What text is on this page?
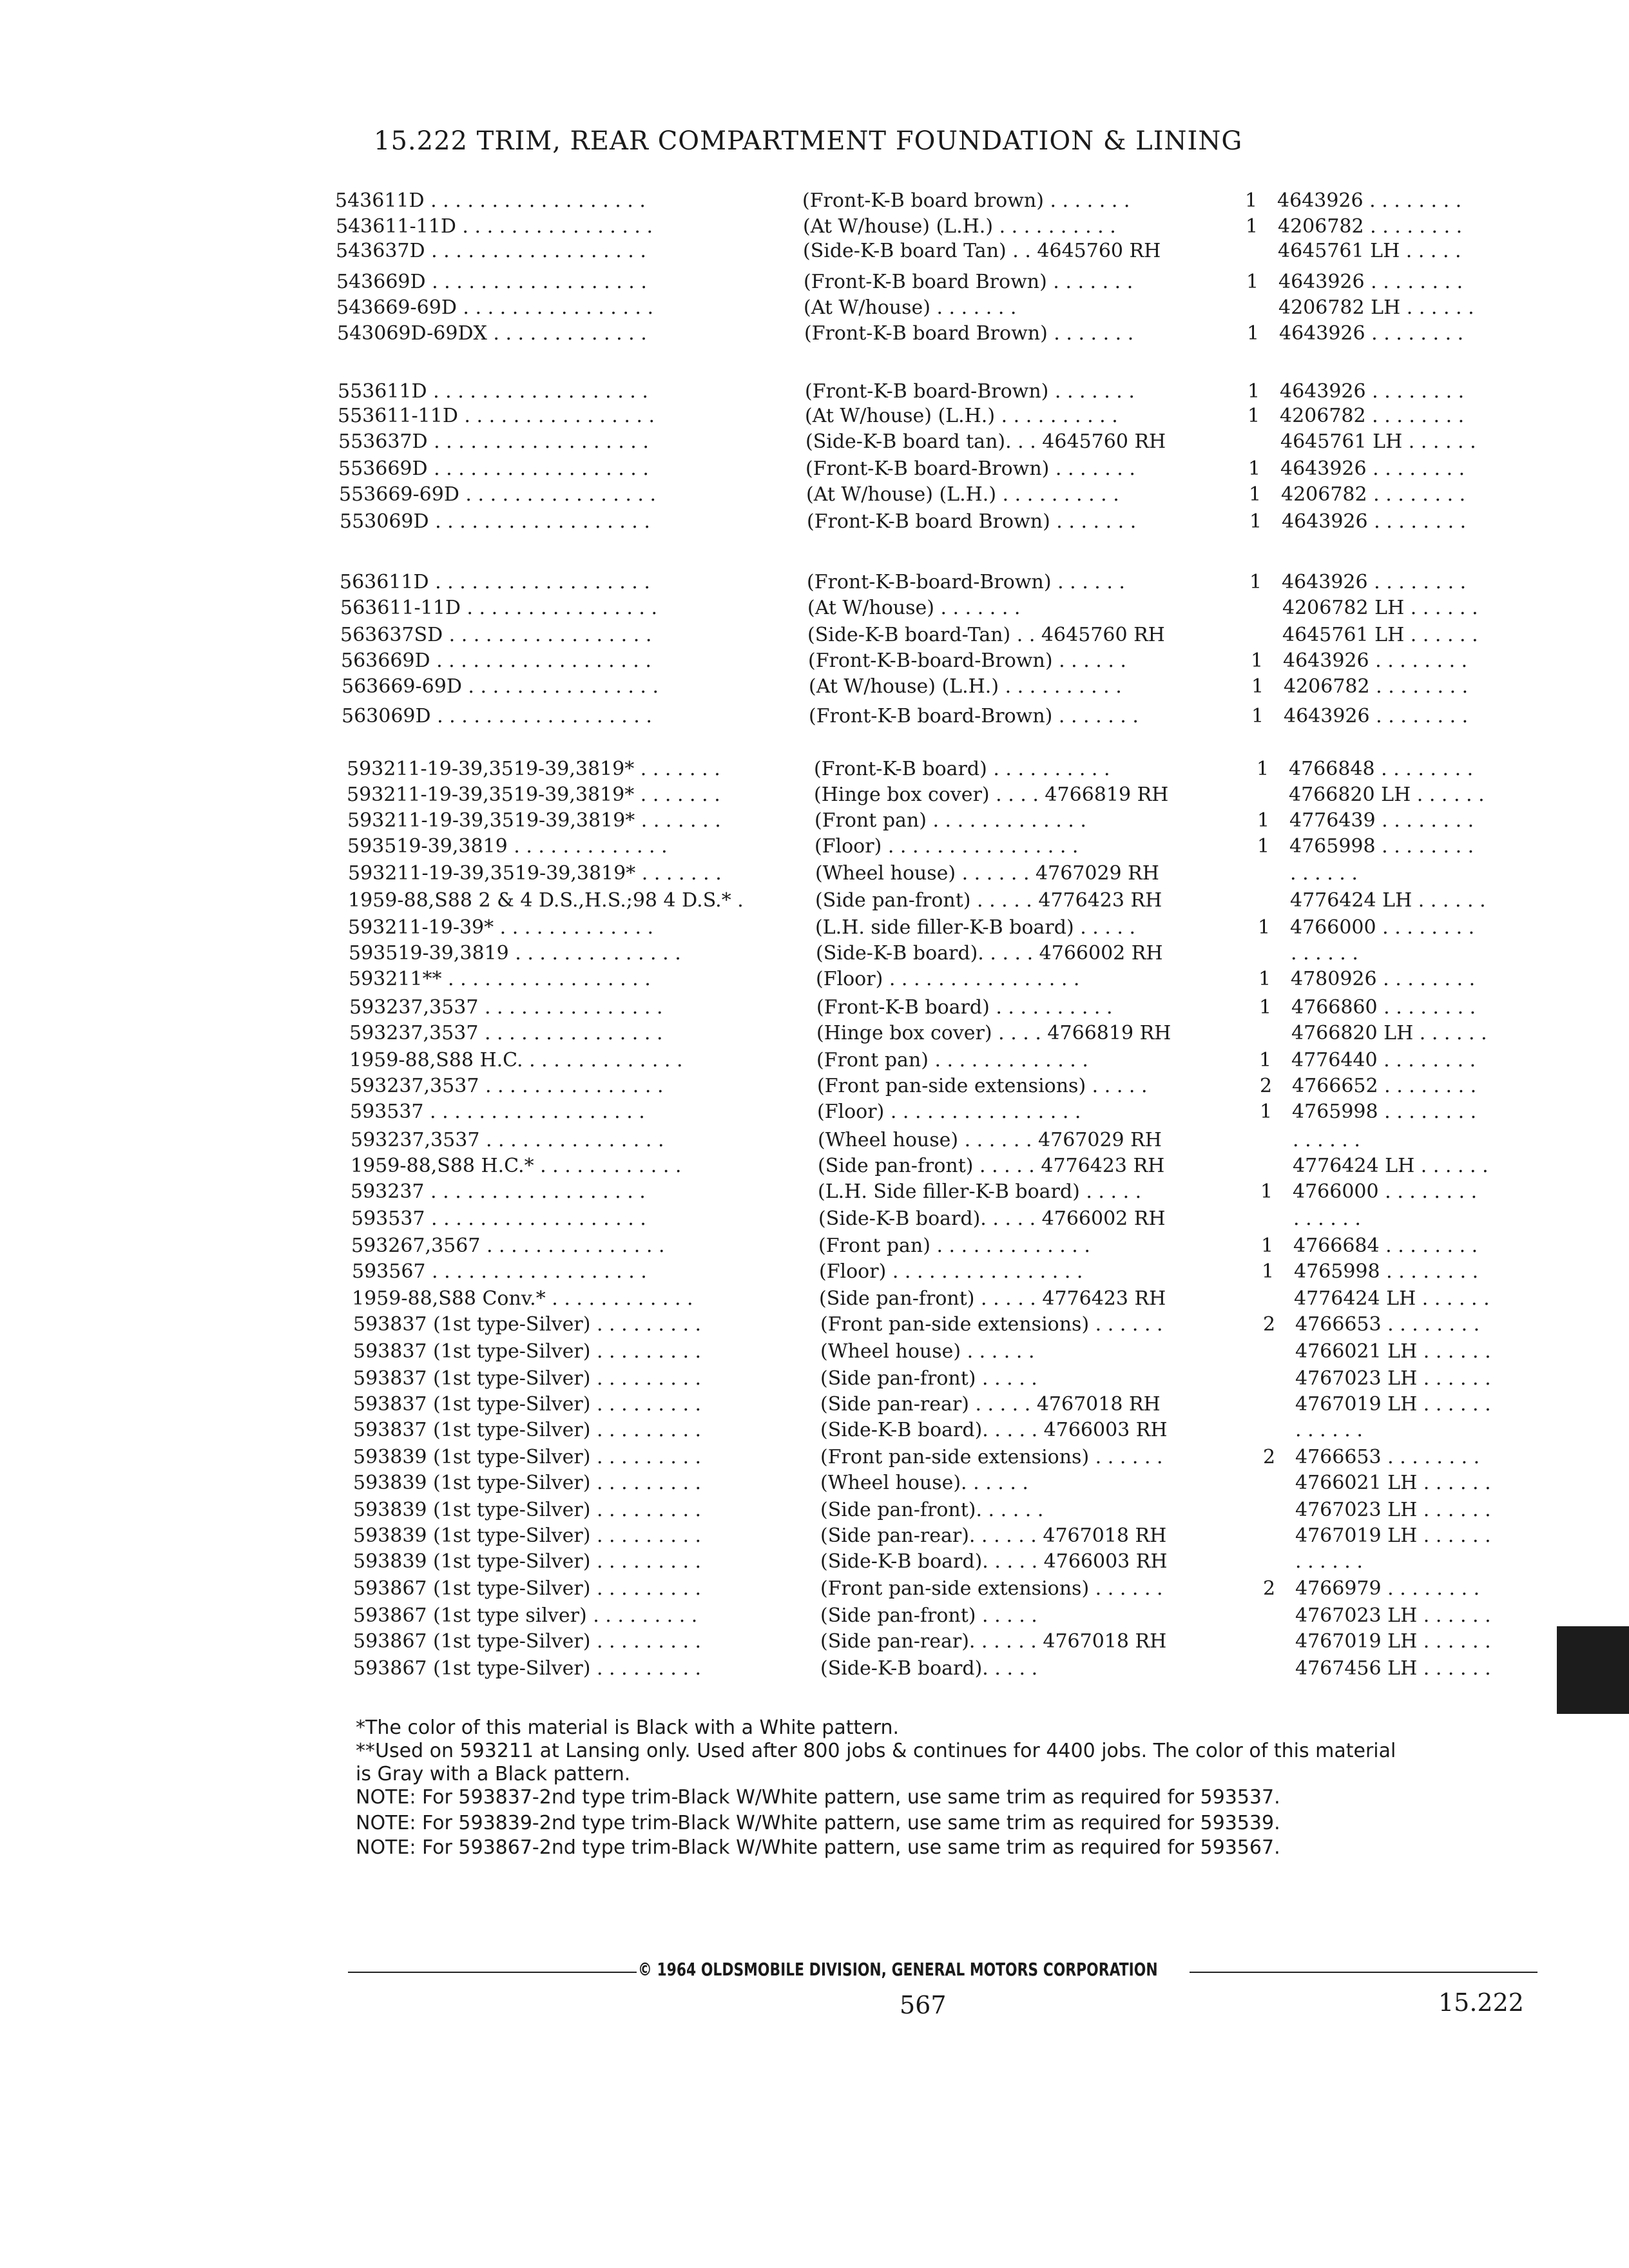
15.222 TRIM, REAR COMPARTMENT FOUNDATION & LINING
543611D . . . . . . . . . . . . . . . . . .	(Front-K-B board brown) . . . . . . .	1 4643926 . . . . . . . .
543611-11D . . . . . . . . . . . . . . . .	(At W/house) (L.H.) . . . . . . . . . .	1 4206782 . . . . . . . .
543637D . . . . . . . . . . . . . . . . . .	(Side-K-B board Tan) . . 4645760 RH	4645761 LH . . . . .
543669D . . . . . . . . . . . . . . . . . .	(Front-K-B board Brown) . . . . . . .	1 4643926 . . . . . . . .
543669-69D . . . . . . . . . . . . . . . .	(At W/house) . . . . . . .	4206782 LH . . . . . .
543069D-69DX . . . . . . . . . . . . .	(Front-K-B board Brown) . . . . . . .	1 4643926 . . . . . . . .
553611D . . . . . . . . . . . . . . . . . .	(Front-K-B board-Brown) . . . . . . .	1 4643926 . . . . . . . .
553611-11D . . . . . . . . . . . . . . . .	(At W/house) (L.H.) . . . . . . . . . .	1 4206782 . . . . . . . .
553637D . . . . . . . . . . . . . . . . . .	(Side-K-B board tan). . . 4645760 RH	4645761 LH . . . . . .
553669D . . . . . . . . . . . . . . . . . .	(Front-K-B board-Brown) . . . . . . .	1 4643926 . . . . . . . .
553669-69D . . . . . . . . . . . . . . . .	(At W/house) (L.H.) . . . . . . . . . .	1 4206782 . . . . . . . .
553069D . . . . . . . . . . . . . . . . . .	(Front-K-B board Brown) . . . . . . .	1 4643926 . . . . . . . .
563611D . . . . . . . . . . . . . . . . . .	(Front-K-B-board-Brown) . . . . . .	1 4643926 . . . . . . . .
563611-11D . . . . . . . . . . . . . . . .	(At W/house) . . . . . . .	4206782 LH . . . . . .
563637SD . . . . . . . . . . . . . . . . .	(Side-K-B board-Tan) . . 4645760 RH	4645761 LH . . . . . .
563669D . . . . . . . . . . . . . . . . . .	(Front-K-B-board-Brown) . . . . . .	1 4643926 . . . . . . . .
563669-69D . . . . . . . . . . . . . . . .	(At W/house) (L.H.) . . . . . . . . . .	1 4206782 . . . . . . . .
563069D . . . . . . . . . . . . . . . . . .	(Front-K-B board-Brown) . . . . . . .	1 4643926 . . . . . . . .
593211-19-39,3519-39,3819* . . . . . . .	(Front-K-B board) . . . . . . . . . .	1 4766848 . . . . . . . .
593211-19-39,3519-39,3819* . . . . . . .	(Hinge box cover) . . . . 4766819 RH	4766820 LH . . . . . .
593211-19-39,3519-39,3819* . . . . . . .	(Front pan) . . . . . . . . . . . . .	1 4776439 . . . . . . . .
593519-39,3819 . . . . . . . . . . . . .	(Floor) . . . . . . . . . . . . . . . .	1 4765998 . . . . . . . .
593211-19-39,3519-39,3819* . . . . . . .	(Wheel house) . . . . . . 4767029 RH	. . . . . .
1959-88,S88 2 & 4 D.S.,H.S.;98 4 D.S.* .	(Side pan-front) . . . . . 4776423 RH	4776424 LH . . . . . .
593211-19-39* . . . . . . . . . . . . .	(L.H. side filler-K-B board) . . . . .	1 4766000 . . . . . . . .
593519-39,3819 . . . . . . . . . . . . . .	(Side-K-B board). . . . . 4766002 RH	. . . . . .
593211** . . . . . . . . . . . . . . . . .	(Floor) . . . . . . . . . . . . . . . .	1 4780926 . . . . . . . .
593237,3537 . . . . . . . . . . . . . . .	(Front-K-B board) . . . . . . . . . .	1 4766860 . . . . . . . .
593237,3537 . . . . . . . . . . . . . . .	(Hinge box cover) . . . . 4766819 RH	4766820 LH . . . . . .
1959-88,S88 H.C. . . . . . . . . . . . . .	(Front pan) . . . . . . . . . . . . .	1 4776440 . . . . . . . .
593237,3537 . . . . . . . . . . . . . . .	(Front pan-side extensions) . . . . .	2 4766652 . . . . . . . .
593537 . . . . . . . . . . . . . . . . . .	(Floor) . . . . . . . . . . . . . . . .	1 4765998 . . . . . . . .
593237,3537 . . . . . . . . . . . . . . .	(Wheel house) . . . . . . 4767029 RH	. . . . . .
1959-88,S88 H.C.* . . . . . . . . . . . .	(Side pan-front) . . . . . 4776423 RH	4776424 LH . . . . . .
593237 . . . . . . . . . . . . . . . . . .	(L.H. Side filler-K-B board) . . . . .	1 4766000 . . . . . . . .
593537 . . . . . . . . . . . . . . . . . .	(Side-K-B board). . . . . 4766002 RH	. . . . . .
593267,3567 . . . . . . . . . . . . . . .	(Front pan) . . . . . . . . . . . . .	1 4766684 . . . . . . . .
593567 . . . . . . . . . . . . . . . . . .	(Floor) . . . . . . . . . . . . . . . .	1 4765998 . . . . . . . .
1959-88,S88 Conv.* . . . . . . . . . . . .	(Side pan-front) . . . . . 4776423 RH	4776424 LH . . . . . .
593837 (1st type-Silver) . . . . . . . . .	(Front pan-side extensions) . . . . . .	2 4766653 . . . . . . . .
593837 (1st type-Silver) . . . . . . . . .	(Wheel house) . . . . . .	4766021 LH . . . . . .
593837 (1st type-Silver) . . . . . . . . .	(Side pan-front) . . . . .	4767023 LH . . . . . .
593837 (1st type-Silver) . . . . . . . . .	(Side pan-rear) . . . . . 4767018 RH	4767019 LH . . . . . .
593837 (1st type-Silver) . . . . . . . . .	(Side-K-B board). . . . . 4766003 RH	. . . . . .
593839 (1st type-Silver) . . . . . . . . .	(Front pan-side extensions) . . . . . .	2 4766653 . . . . . . . .
593839 (1st type-Silver) . . . . . . . . .	(Wheel house). . . . . .	4766021 LH . . . . . .
593839 (1st type-Silver) . . . . . . . . .	(Side pan-front). . . . . .	4767023 LH . . . . . .
593839 (1st type-Silver) . . . . . . . . .	(Side pan-rear). . . . . . 4767018 RH	4767019 LH . . . . . .
593839 (1st type-Silver) . . . . . . . . .	(Side-K-B board). . . . . 4766003 RH	. . . . . .
593867 (1st type-Silver) . . . . . . . . .	(Front pan-side extensions) . . . . . .	2 4766979 . . . . . . . .
593867 (1st type silver) . . . . . . . . .	(Side pan-front) . . . . .	4767023 LH . . . . . .
593867 (1st type-Silver) . . . . . . . . .	(Side pan-rear). . . . . . 4767018 RH	4767019 LH . . . . . .
593867 (1st type-Silver) . . . . . . . . .	(Side-K-B board). . . . .	4767456 LH . . . . . .
*The color of this material is Black with a White pattern.
**Used on 593211 at Lansing only. Used after 800 jobs & continues for 4400 jobs. The color of this material
is Gray with a Black pattern.
NOTE: For 593837-2nd type trim-Black W/White pattern, use same trim as required for 593537.
NOTE: For 593839-2nd type trim-Black W/White pattern, use same trim as required for 593539.
NOTE: For 593867-2nd type trim-Black W/White pattern, use same trim as required for 593567.
© 1964 OLDSMOBILE DIVISION, GENERAL MOTORS CORPORATION
567	15.222
